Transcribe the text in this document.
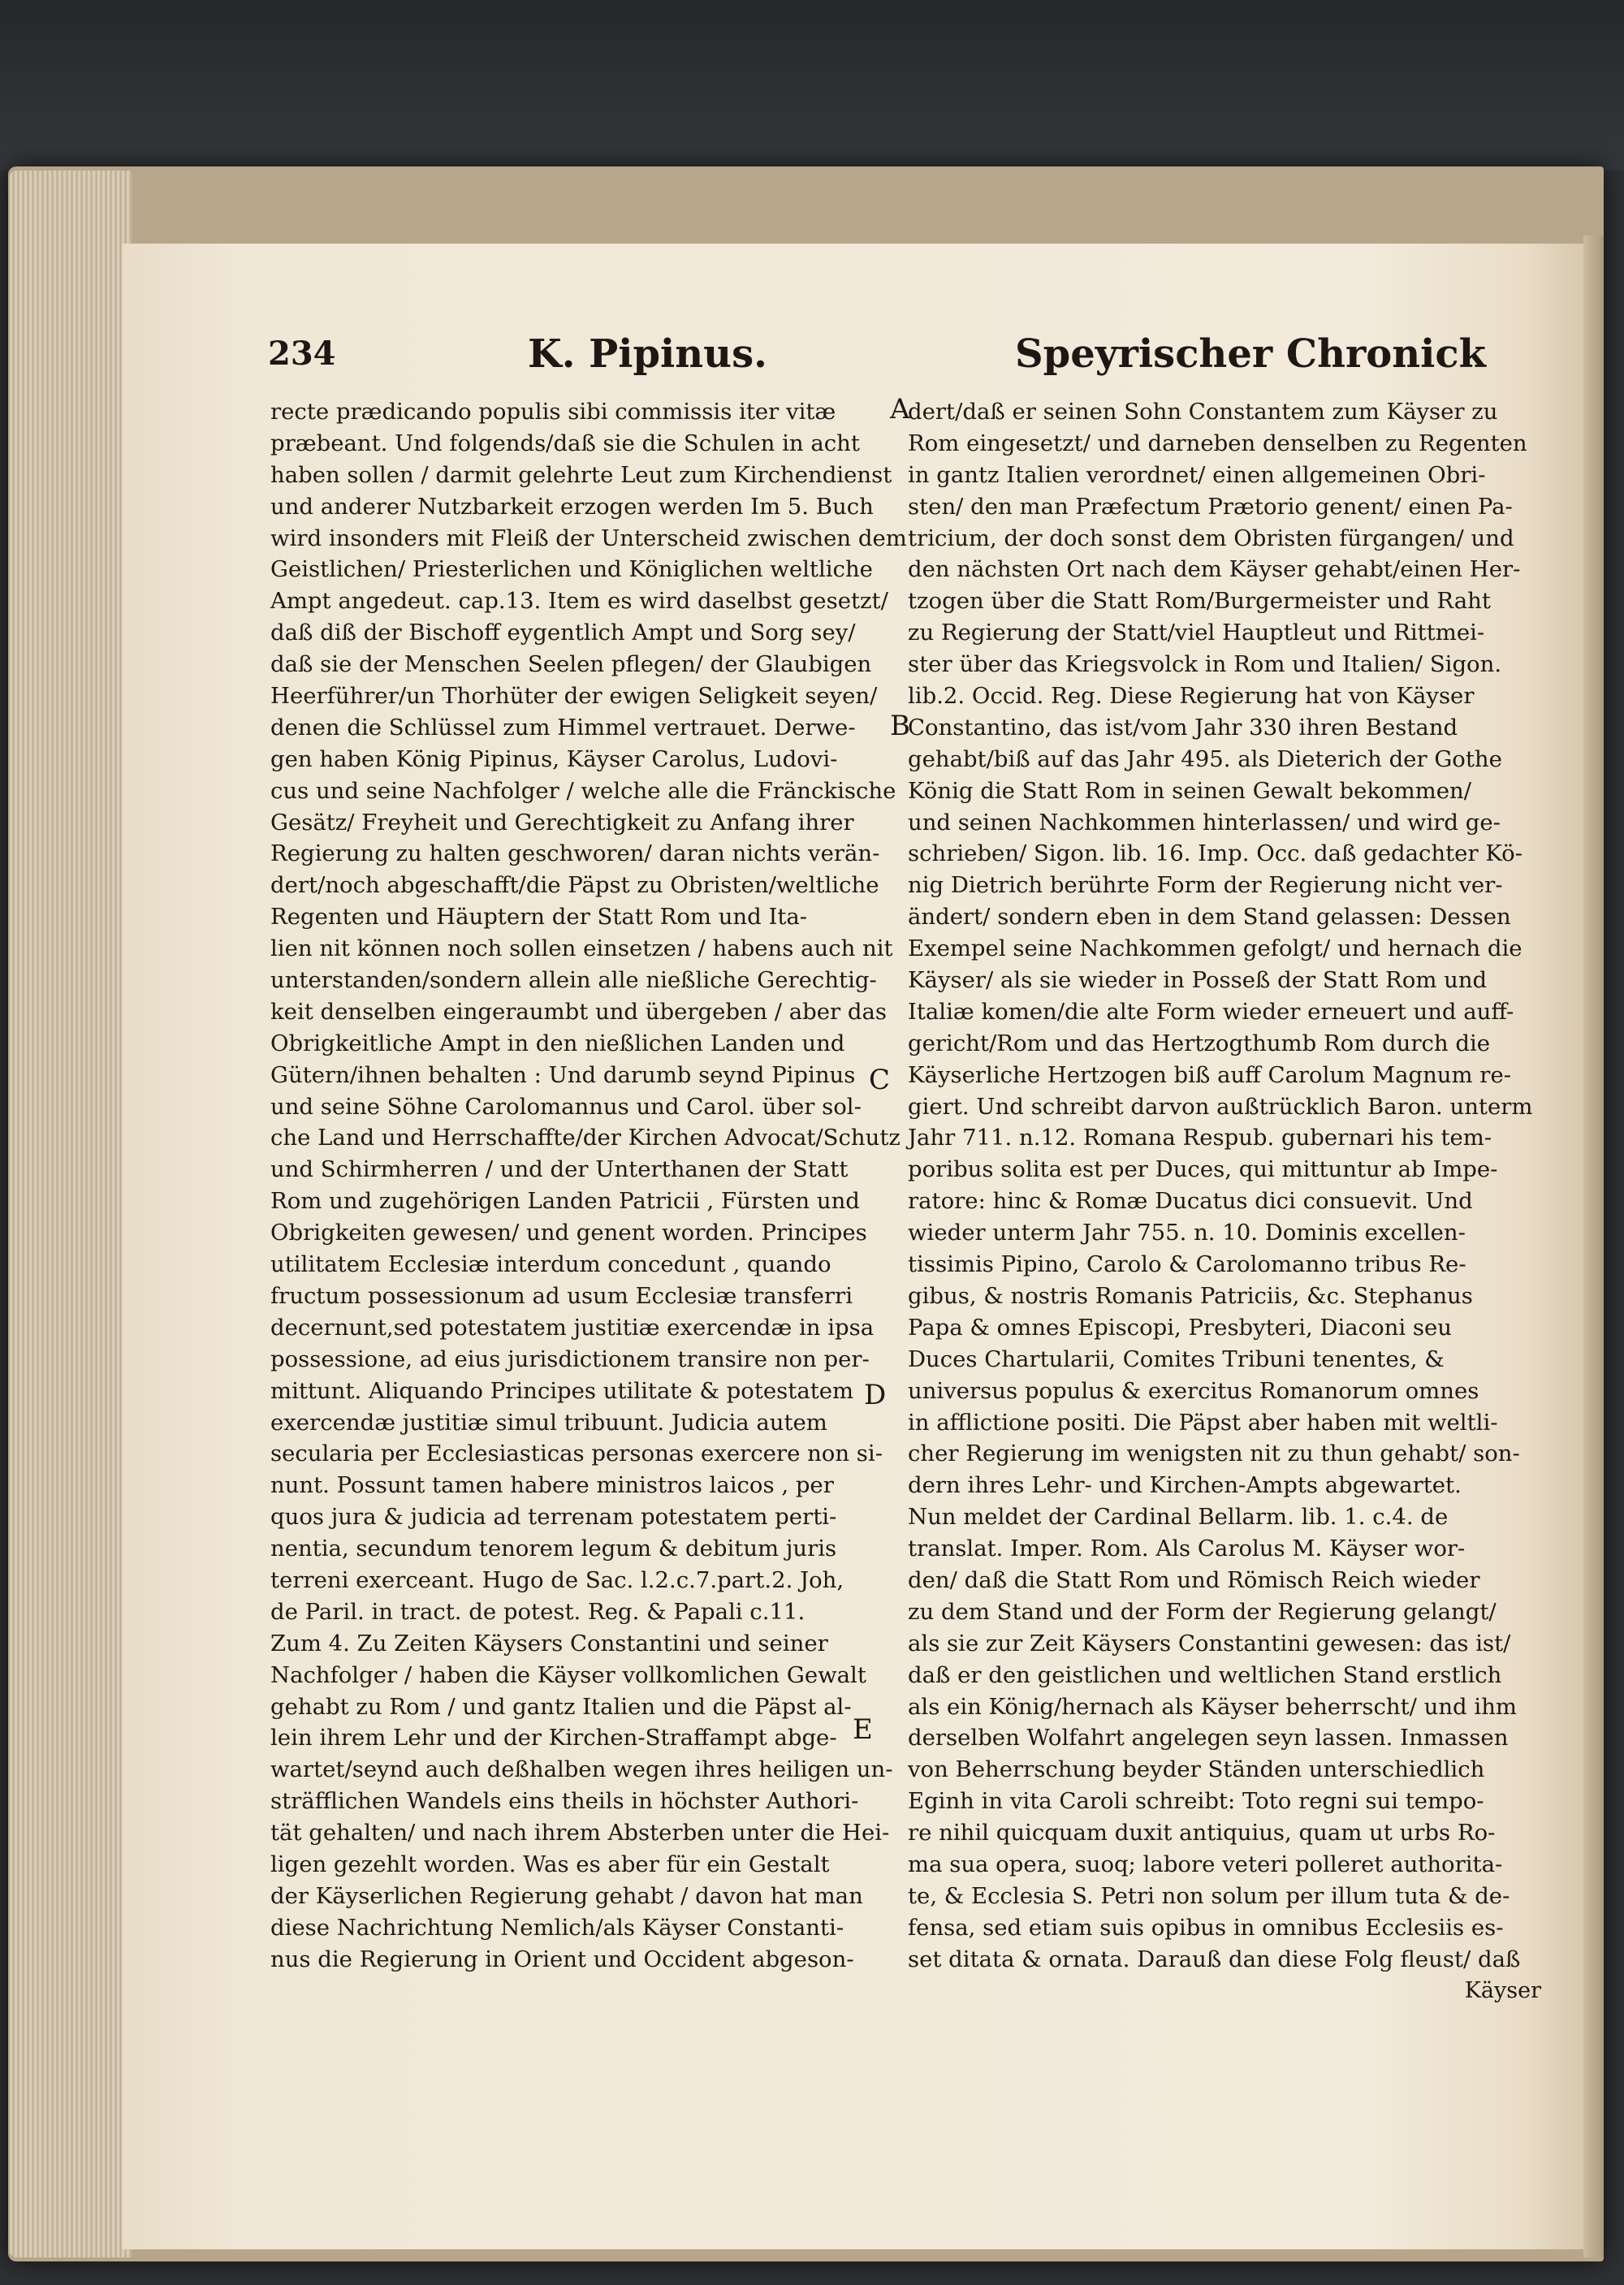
234	K. Pipinus.	Speyrischer Chronick
recte prædicando populis sibi commissis iter vitæ
præbeant. Und folgends/daß sie die Schulen in acht
haben sollen / darmit gelehrte Leut zum Kirchendienst
und anderer Nutzbarkeit erzogen werden Im 5. Buch
wird insonders mit Fleiß der Unterscheid zwischen dem
Geistlichen/ Priesterlichen und Königlichen weltliche
Ampt angedeut. cap.13. Item es wird daselbst gesetzt/
daß diß der Bischoff eygentlich Ampt und Sorg sey/
daß sie der Menschen Seelen pflegen/ der Glaubigen
Heerführer/un Thorhüter der ewigen Seligkeit seyen/
denen die Schlüssel zum Himmel vertrauet. Derwe-
gen haben König Pipinus, Käyser Carolus, Ludovi-
cus und seine Nachfolger / welche alle die Fränckische
Gesätz/ Freyheit und Gerechtigkeit zu Anfang ihrer
Regierung zu halten geschworen/ daran nichts verän-
dert/noch abgeschafft/die Päpst zu Obristen/weltliche
Regenten und Häuptern der Statt Rom und Ita-
lien nit können noch sollen einsetzen / habens auch nit
unterstanden/sondern allein alle nießliche Gerechtig-
keit denselben eingeraumbt und übergeben / aber das
Obrigkeitliche Ampt in den nießlichen Landen und
Gütern/ihnen behalten : Und darumb seynd Pipinus
und seine Söhne Carolomannus und Carol. über sol-
che Land und Herrschaffte/der Kirchen Advocat/Schutz
und Schirmherren / und der Unterthanen der Statt
Rom und zugehörigen Landen Patricii , Fürsten und
Obrigkeiten gewesen/ und genent worden. Principes
utilitatem Ecclesiæ interdum concedunt , quando
fructum possessionum ad usum Ecclesiæ transferri
decernunt,sed potestatem justitiæ exercendæ in ipsa
possessione, ad eius jurisdictionem transire non per-
mittunt. Aliquando Principes utilitate & potestatem
exercendæ justitiæ simul tribuunt. Judicia autem
secularia per Ecclesiasticas personas exercere non si-
nunt. Possunt tamen habere ministros laicos , per
quos jura & judicia ad terrenam potestatem perti-
nentia, secundum tenorem legum & debitum juris
terreni exerceant. Hugo de Sac. l.2.c.7.part.2. Joh,
de Paril. in tract. de potest. Reg. & Papali c.11.
Zum 4. Zu Zeiten Käysers Constantini und seiner
Nachfolger / haben die Käyser vollkomlichen Gewalt
gehabt zu Rom / und gantz Italien und die Päpst al-
lein ihrem Lehr und der Kirchen-Straffampt abge-
wartet/seynd auch deßhalben wegen ihres heiligen un-
sträfflichen Wandels eins theils in höchster Authori-
tät gehalten/ und nach ihrem Absterben unter die Hei-
ligen gezehlt worden. Was es aber für ein Gestalt
der Käyserlichen Regierung gehabt / davon hat man
diese Nachrichtung Nemlich/als Käyser Constanti-
nus die Regierung in Orient und Occident abgeson-
A
B
C
D
E
Käyser
dert/daß er seinen Sohn Constantem zum Käyser zu
Rom eingesetzt/ und darneben denselben zu Regenten
in gantz Italien verordnet/ einen allgemeinen Obri-
sten/ den man Præfectum Prætorio genent/ einen Pa-
tricium, der doch sonst dem Obristen fürgangen/ und
den nächsten Ort nach dem Käyser gehabt/einen Her-
tzogen über die Statt Rom/Burgermeister und Raht
zu Regierung der Statt/viel Hauptleut und Rittmei-
ster über das Kriegsvolck in Rom und Italien/ Sigon.
lib.2. Occid. Reg. Diese Regierung hat von Käyser
Constantino, das ist/vom Jahr 330 ihren Bestand
gehabt/biß auf das Jahr 495. als Dieterich der Gothe
König die Statt Rom in seinen Gewalt bekommen/
und seinen Nachkommen hinterlassen/ und wird ge-
schrieben/ Sigon. lib. 16. Imp. Occ. daß gedachter Kö-
nig Dietrich berührte Form der Regierung nicht ver-
ändert/ sondern eben in dem Stand gelassen: Dessen
Exempel seine Nachkommen gefolgt/ und hernach die
Käyser/ als sie wieder in Posseß der Statt Rom und
Italiæ komen/die alte Form wieder erneuert und auff-
gericht/Rom und das Hertzogthumb Rom durch die
Käyserliche Hertzogen biß auff Carolum Magnum re-
giert. Und schreibt darvon außtrücklich Baron. unterm
Jahr 711. n.12. Romana Respub. gubernari his tem-
poribus solita est per Duces, qui mittuntur ab Impe-
ratore: hinc & Romæ Ducatus dici consuevit. Und
wieder unterm Jahr 755. n. 10. Dominis excellen-
tissimis Pipino, Carolo & Carolomanno tribus Re-
gibus, & nostris Romanis Patriciis, &c. Stephanus
Papa & omnes Episcopi, Presbyteri, Diaconi seu
Duces Chartularii, Comites Tribuni tenentes, &
universus populus & exercitus Romanorum omnes
in afflictione positi. Die Päpst aber haben mit weltli-
cher Regierung im wenigsten nit zu thun gehabt/ son-
dern ihres Lehr- und Kirchen-Ampts abgewartet.
Nun meldet der Cardinal Bellarm. lib. 1. c.4. de
translat. Imper. Rom. Als Carolus M. Käyser wor-
den/ daß die Statt Rom und Römisch Reich wieder
zu dem Stand und der Form der Regierung gelangt/
als sie zur Zeit Käysers Constantini gewesen: das ist/
daß er den geistlichen und weltlichen Stand erstlich
als ein König/hernach als Käyser beherrscht/ und ihm
derselben Wolfahrt angelegen seyn lassen. Inmassen
von Beherrschung beyder Ständen unterschiedlich
Eginh in vita Caroli schreibt: Toto regni sui tempo-
re nihil quicquam duxit antiquius, quam ut urbs Ro-
ma sua opera, suoq; labore veteri polleret authorita-
te, & Ecclesia S. Petri non solum per illum tuta & de-
fensa, sed etiam suis opibus in omnibus Ecclesiis es-
set ditata & ornata. Darauß dan diese Folg fleust/ daß
